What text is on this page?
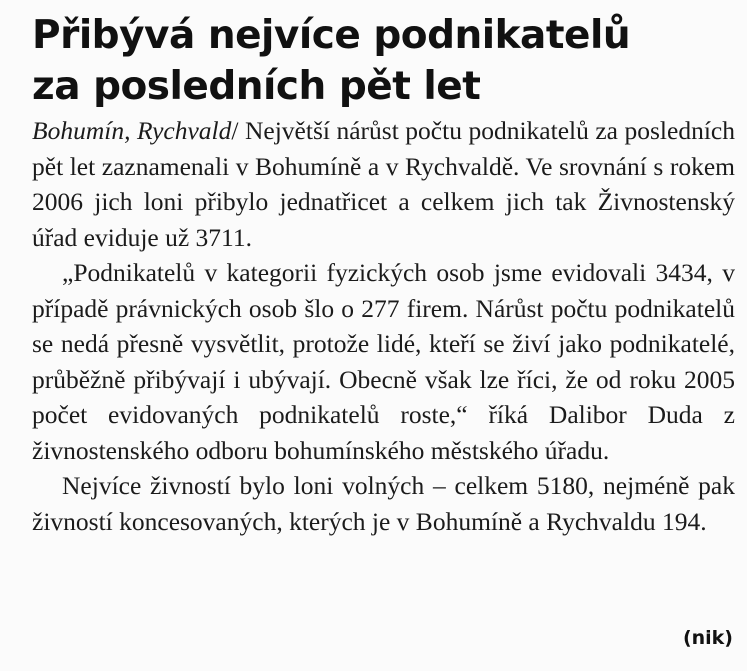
Přibývá nejvíce podnikatelů
za posledních pět let

Bohumín, Rychvald/ Největší nárůst počtu podnikatelů za posledních pět let zaznamenali v Bohumíně a v Rychvaldě. Ve srovnání s rokem 2006 jich loni přibylo jednatřicet a celkem jich tak Živnostenský úřad eviduje už 3711.

„Podnikatelů v kategorii fyzických osob jsme evidovali 3434, v případě právnických osob šlo o 277 firem. Nárůst počtu podnikatelů se nedá přesně vysvětlit, protože lidé, kteří se živí jako podnikatelé, průběžně přibývají i ubývají. Obecně však lze říci, že od roku 2005 počet evidovaných podnikatelů roste,“ říká Dalibor Duda z živnostenského odboru bohumínského městského úřadu.

Nejvíce živností bylo loni volných – celkem 5180, nejméně pak živností koncesovaných, kterých je v Bohumíně a Rychvaldu 194.

(nik)
